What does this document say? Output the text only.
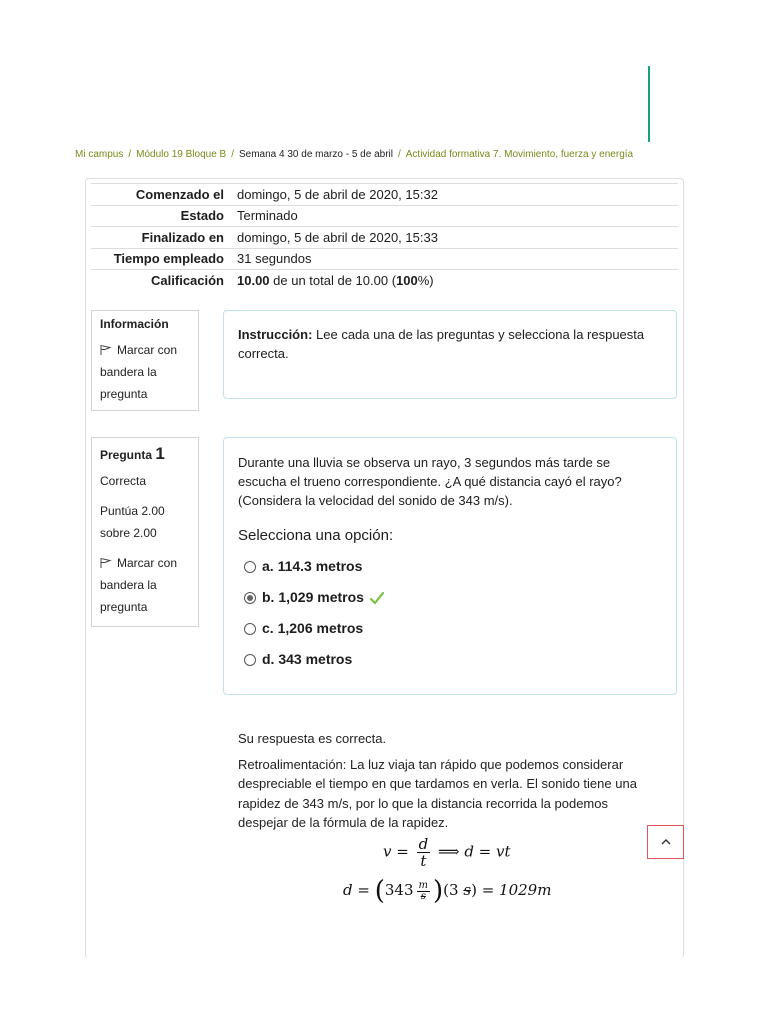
Mi campus / Módulo 19 Bloque B / Semana 4 30 de marzo - 5 de abril / Actividad formativa 7. Movimiento, fuerza y energía
Comenzado el	domingo, 5 de abril de 2020, 15:32
Estado	Terminado
Finalizado en	domingo, 5 de abril de 2020, 15:33
Tiempo empleado	31 segundos
Calificación	10.00 de un total de 10.00 (100%)
Información
Marcar con
bandera la
pregunta
Instrucción: Lee cada una de las preguntas y selecciona la respuesta correcta.
Pregunta 1
Correcta
Puntúa 2.00
sobre 2.00
Marcar con
bandera la
pregunta
Durante una lluvia se observa un rayo, 3 segundos más tarde se escucha el trueno correspondiente. ¿A qué distancia cayó el rayo? (Considera la velocidad del sonido de 343 m/s).
Selecciona una opción:
a. 114.3 metros
b. 1,029 metros
c. 1,206 metros
d. 343 metros

Su respuesta es correcta.

Retroalimentación: La luz viaja tan rápido que podemos considerar despreciable el tiempo en que tardamos en verla. El sonido tiene una rapidez de 343 m/s, por lo que la distancia recorrida la podemos despejar de la fórmula de la rapidez.

$v = \frac{d}{t}$ ⟹ d = vt
$d = (343 \frac{m}{s} )(3$ s) = 1029m
